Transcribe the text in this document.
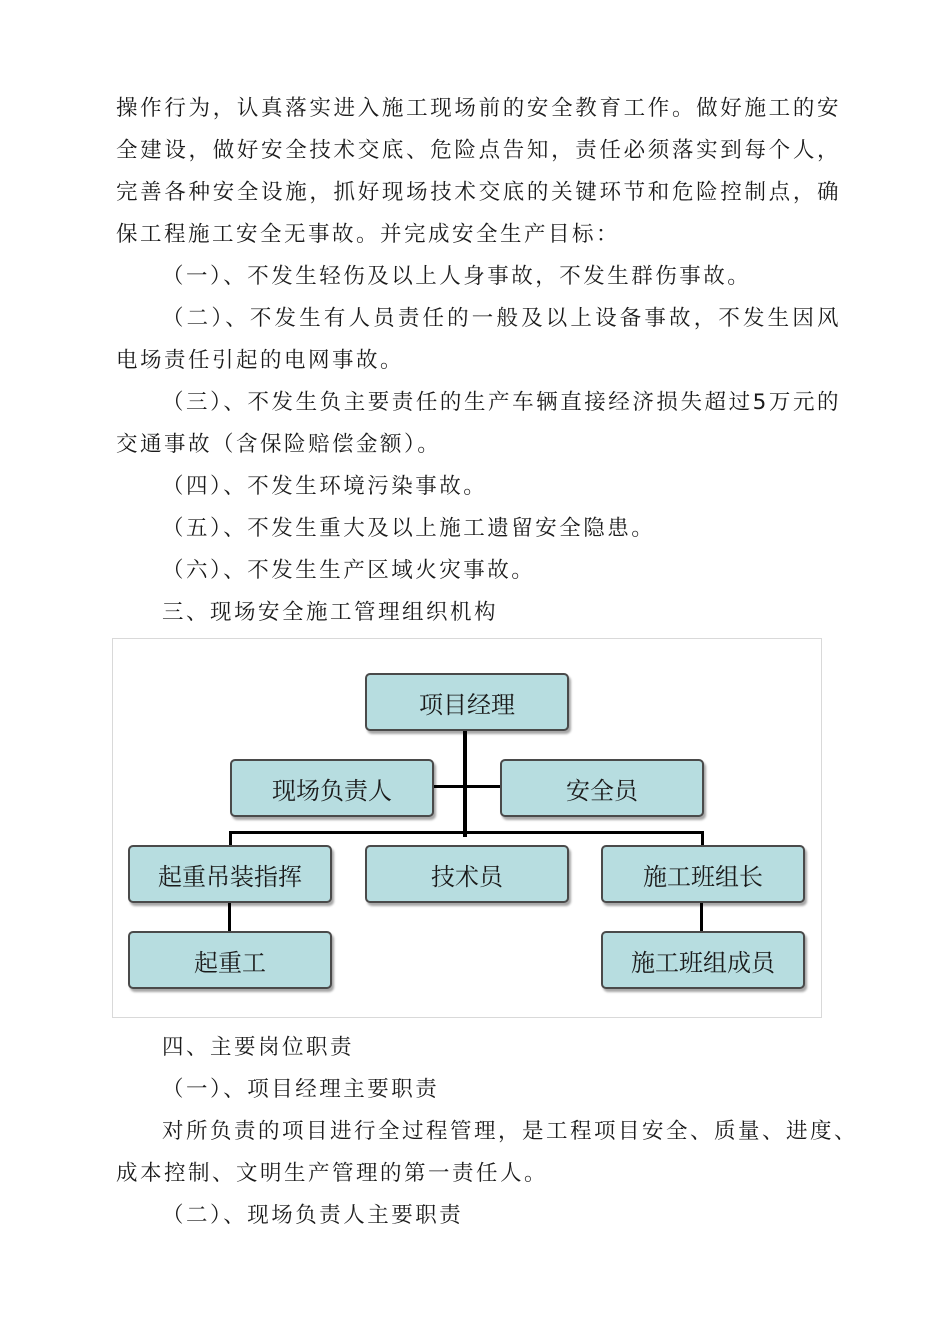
操作行为，认真落实进入施工现场前的安全教育工作。做好施工的安
全建设，做好安全技术交底、危险点告知，责任必须落实到每个人，
完善各种安全设施，抓好现场技术交底的关键环节和危险控制点，确
保工程施工安全无事故。并完成安全生产目标：
（一）、不发生轻伤及以上人身事故，不发生群伤事故。
（二）、不发生有人员责任的一般及以上设备事故，不发生因风
电场责任引起的电网事故。
（三）、不发生负主要责任的生产车辆直接经济损失超过5万元的
交通事故（含保险赔偿金额）。
（四）、不发生环境污染事故。
（五）、不发生重大及以上施工遗留安全隐患。
（六）、不发生生产区域火灾事故。
三、现场安全施工管理组织机构
项目经理
现场负责人	安全员
起重吊装指挥	技术员	施工班组长
起重工	施工班组成员
四、主要岗位职责
（一）、项目经理主要职责
对所负责的项目进行全过程管理，是工程项目安全、质量、进度、
成本控制、文明生产管理的第一责任人。
（二）、现场负责人主要职责
